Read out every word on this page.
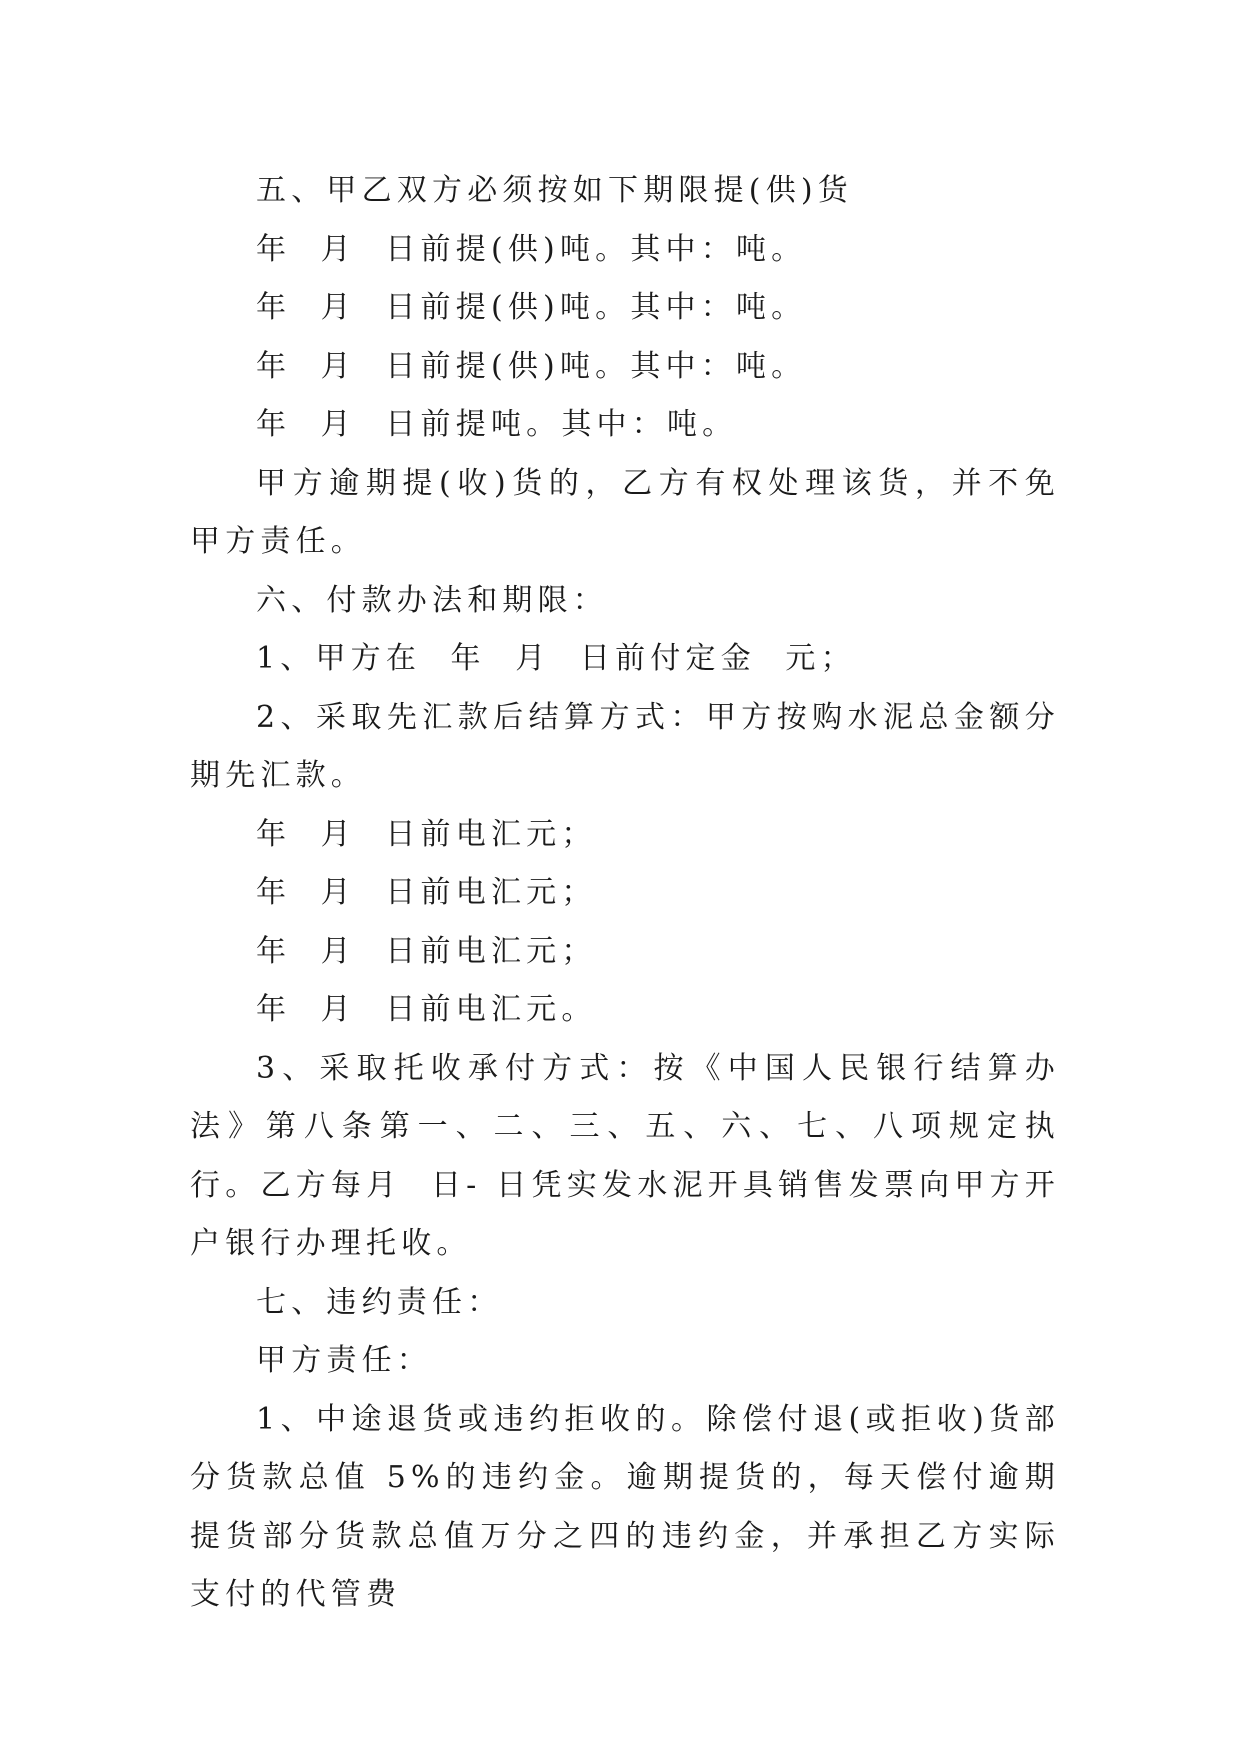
五、甲乙双方必须按如下期限提(供)货

年  月  日前提(供)吨。其中：吨。

年  月  日前提(供)吨。其中：吨。

年  月  日前提(供)吨。其中：吨。

年  月  日前提吨。其中：吨。

甲方逾期提(收)货的，乙方有权处理该货，并不免甲方责任。

六、付款办法和期限：

1、甲方在  年  月  日前付定金  元；

2、采取先汇款后结算方式：甲方按购水泥总金额分期先汇款。

年  月  日前电汇元；

年  月  日前电汇元；

年  月  日前电汇元；

年  月  日前电汇元。

3、采取托收承付方式：按《中国人民银行结算办法》第八条第一、二、三、五、六、七、八项规定执行。乙方每月  日- 日凭实发水泥开具销售发票向甲方开户银行办理托收。

七、违约责任：

甲方责任：

1、中途退货或违约拒收的。除偿付退(或拒收)货部分货款总值 5%的违约金。逾期提货的，每天偿付逾期提货部分货款总值万分之四的违约金，并承担乙方实际支付的代管费
